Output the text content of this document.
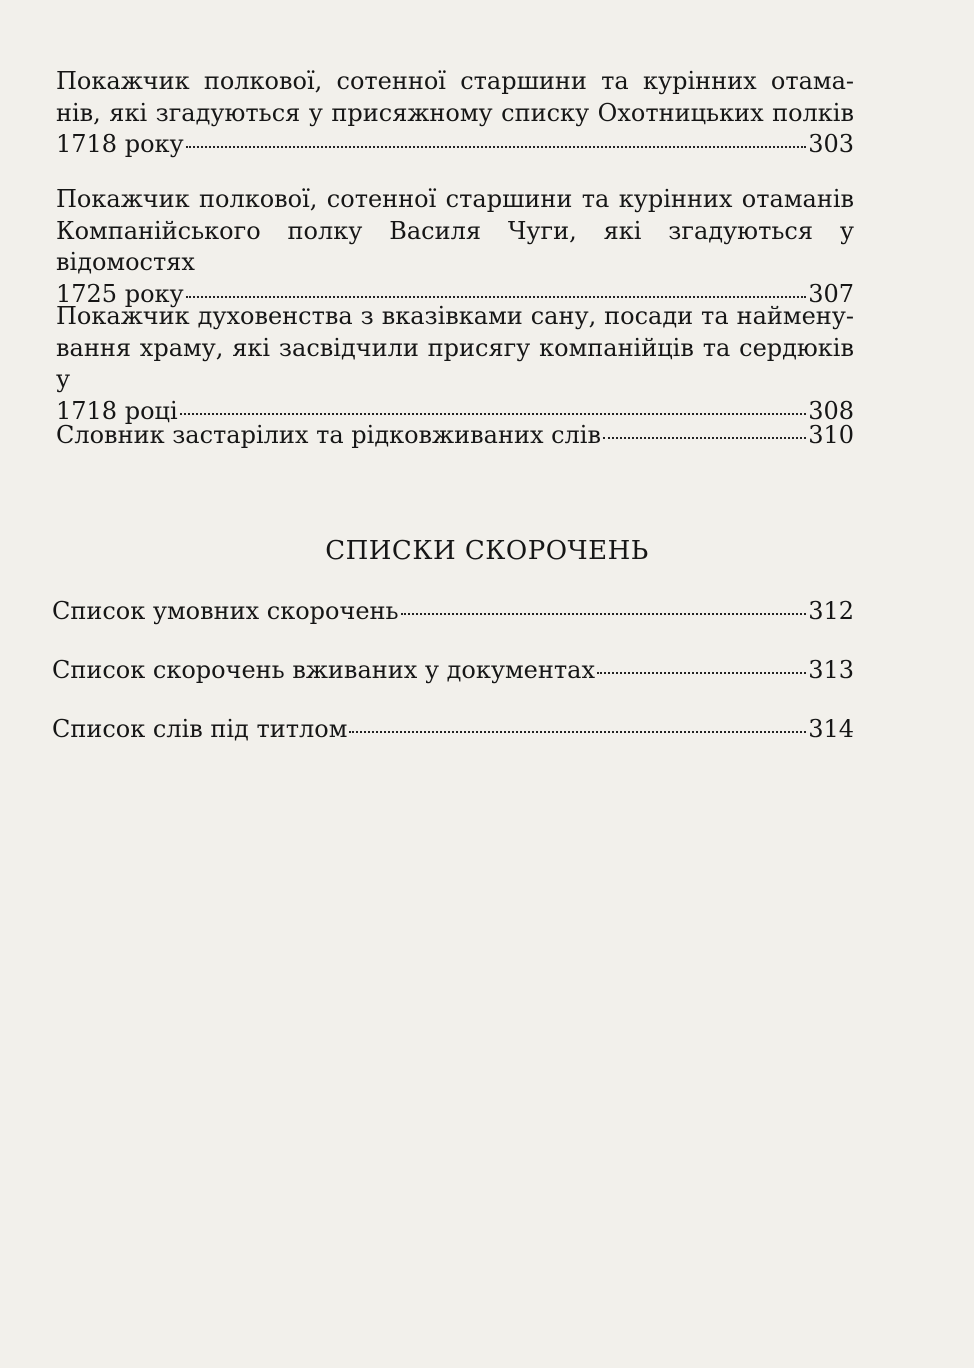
Покажчик полкової, сотенної старшини та курінних отама-
нів, які згадуються у присяжному списку Охотницьких полків
1718 року	303
Покажчик полкової, сотенної старшини та курінних отаманів
Компанійського полку Василя Чуги, які згадуються у відомостях
1725 року	307
Покажчик духовенства з вказівками сану, посади та наймену-
вання храму, які засвідчили присягу компанійців та сердюків у
1718 році	308
Словник застарілих та рідковживаних слів	310
СПИСКИ СКОРОЧЕНЬ
Список умовних скорочень	312
Список скорочень вживаних у документах	313
Список слів під титлом	314
